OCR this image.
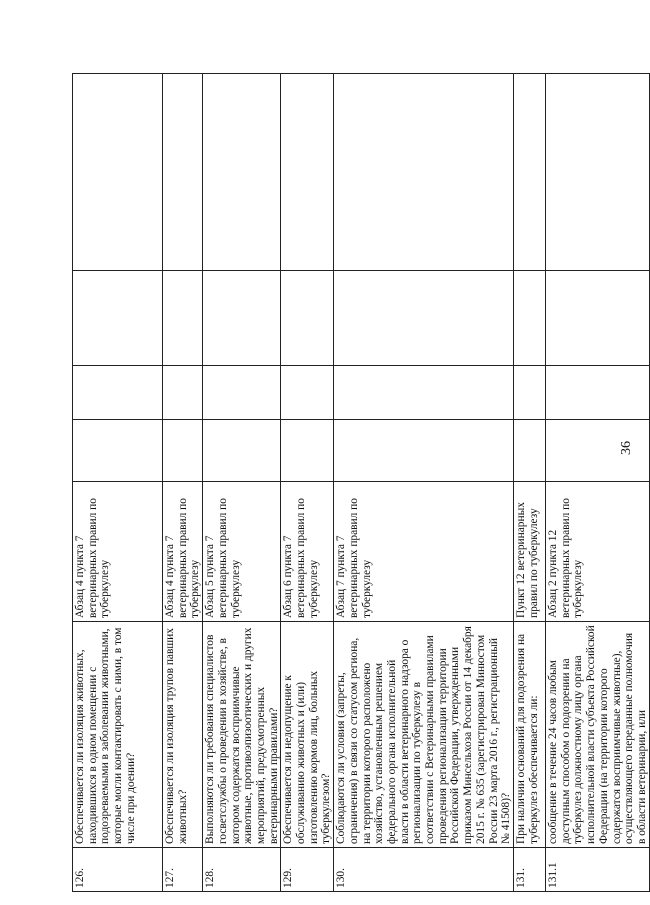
36
126.	Обеспечивается ли изоляция животных, находившихся в одном помещении с подозреваемыми в заболевании животными, которые могли контактировать с ними, в том числе при доении?	Абзац 4 пункта 7 ветеринарных правил по туберкулезу				
127.	Обеспечивается ли изоляция трупов павших животных?	Абзац 4 пункта 7 ветеринарных правил по туберкулезу				
128.	Выполняются ли требования специалистов госветслужбы о проведении в хозяйстве, в котором содержатся восприимчивые животные, противоэпизоотических и других мероприятий, предусмотренных ветеринарными правилами?	Абзац 5 пункта 7 ветеринарных правил по туберкулезу				
129.	Обеспечивается ли недопущение к обслуживанию животных и (или) изготовлению кормов лиц, больных туберкулезом?	Абзац 6 пункта 7 ветеринарных правил по туберкулезу				
130.	Соблюдаются ли условия (запреты, ограничения) в связи со статусом региона, на территории которого расположено хозяйство, установленным решением федерального органа исполнительной власти в области ветеринарного надзора о регионализации по туберкулезу в соответствии с Ветеринарными правилами проведения регионализации территории Российской Федерации, утвержденными приказом Минсельхоза России от 14 декабря 2015 г. № 635 (зарегистрирован Минюстом России 23 марта 2016 г., регистрационный № 41508)?	Абзац 7 пункта 7 ветеринарных правил по туберкулезу				
131.	При наличии оснований для подозрения на туберкулез обеспечивается ли:	Пункт 12 ветеринарных правил по туберкулезу				
131.1	сообщение в течение 24 часов любым доступным способом о подозрении на туберкулез должностному лицу органа исполнительной власти субъекта Российской Федерации (на территории которого содержатся восприимчивые животные), осуществляющего переданные полномочия в области ветеринарии, или	Абзац 2 пункта 12 ветеринарных правил по туберкулезу				
